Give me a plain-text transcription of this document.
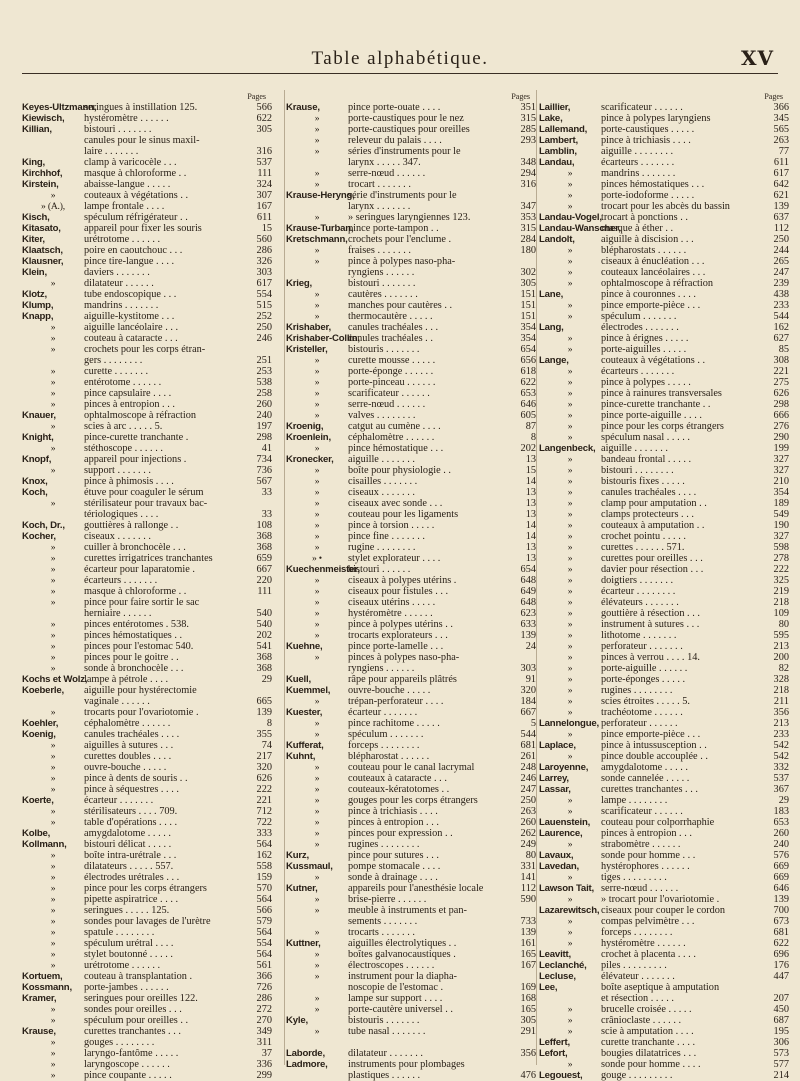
Table alphabétique.	XV
Pages
Keyes-Ultzmann,
seringues à instillation 125.	566
Kiewisch,	hystéromètre . . . . . .	622
Killian,	bistouri . . . . . . .	305
canules pour le sinus maxil-
laire . . . . . . .	316
King,	clamp à varicocèle . . .	537
Kirchhof,	masque à chloroforme . .	111
Kirstein,	abaisse-langue . . . . .	324
»	couteaux à végétations . .	307
» (A.),	lampe frontale . . . .	167
Kisch,	spéculum réfrigérateur . .	611
Kitasato,	appareil pour fixer les souris	15
Kiter,	urétrotome . . . . . .	560
Klaatsch,	poire en caoutchouc . . .	286
Klausner,	pince tire-langue . . . .	326
Klein,	daviers . . . . . . .	303
»	dilatateur . . . . . .	617
Klotz,	tube endoscopique . . .	554
Klump,	mandrins . . . . . . .	515
Knapp,	aiguille-kystitome . . .	252
»	aiguille lancéolaire . . .	250
»	couteau à cataracte . . .	246
»	crochets pour les corps étran-
gers . . . . . . . .	251
»	curette . . . . . . .	253
»	entérotome . . . . . .	538
»	pince capsulaire . . . .	258
»	pinces à entropion . . .	260
Knauer,	ophtalmoscope à réfraction	240
»	scies à arc . . . . . 5.	197
Knight,	pince-curette tranchante .	298
»	stéthoscope . . . . . .	41
Knopf,	appareil pour injections .	734
»	support . . . . . . .	736
Knox,	pince à phimosis . . . .	567
Koch,	étuve pour coaguler le sérum	33
»	stérilisateur pour travaux bac-
tériologiques . . . .	33
Koch, Dr.,	gouttières à rallonge . .	108
Kocher,	ciseaux . . . . . . .	368
»	cuiller à bronchocèle . . .	368
»	curettes irrigatrices tranchantes	659
»	écarteur pour laparatomie .	667
»	écarteurs . . . . . . .	220
»	masque à chloroforme . .	111
»	pince pour faire sortir le sac
herniaire . . . . . .	540
»	pinces entérotomes . 538.	540
»	pinces hémostatiques . .	202
»	pinces pour l'estomac 540.	541
»	pinces pour le goitre . .	368
»	sonde à bronchocèle . . .	368
Kochs et Wolz,
lampe à pétrole . . . .	29
Koeberle,	aiguille pour hystérectomie
vaginale . . . . . .	665
»	trocarts pour l'ovariotomie .	139
Koehler,	céphalomètre . . . . . .	8
Koenig,	canules trachéales . . . .	355
»	aiguilles à sutures . . .	74
»	curettes doubles . . . .	217
»	ouvre-bouche . . . . .	320
»	pince à dents de souris . .	626
»	pince à séquestres . . . .	222
Koerte,	écarteur . . . . . . .	221
»	stérilisateurs . . . . 709.	712
»	table d'opérations . . . .	722
Kolbe,	amygdalotome . . . . .	333
Kollmann,	bistouri délicat . . . . .	564
»	boîte intra-urétrale . . .	162
»	dilatateurs . . . . . 557.	558
»	électrodes urétrales . . .	159
»	pince pour les corps étrangers	570
»	pipette aspiratrice . . . .	564
»	seringues . . . . . 125.	566
»	sondes pour lavages de l'urètre	579
»	spatule . . . . . . . .	564
»	spéculum urétral . . . .	554
»	stylet boutonné . . . . .	564
»	urétrotome . . . . . .	561
Kortuem,	couteau à transplantation .	366
Kossmann,	porte-jambes . . . . . .	726
Kramer,	seringues pour oreilles 122.	286
»	sondes pour oreilles . . .	272
»	spéculum pour oreilles . .	270
Krause,	curettes tranchantes . . .	349
»	gouges . . . . . . . .	311
»	laryngo-fantôme . . . . .	37
»	laryngoscope . . . . . .	336
»	pince coupante . . . . .	299
Pages
Krause,	pince porte-ouate . . . .	351
»	porte-caustiques pour le nez	315
»	porte-caustiques pour oreilles	285
»	releveur du palais . . . .	293
»	séries d'instruments pour le
larynx . . . . . 347.	348
»	serre-nœud . . . . . .	294
»	trocart . . . . . . .	316
Krause-Heryng,
série d'instruments pour le
larynx . . . . . . .	347
»	» seringues laryngiennes 123.	353
Krause-Turban,
pince porte-tampon . .	315
Kretschmann, crochets pour l'enclume .	284
»	fraises . . . . . . .	180
»	pince à polypes naso-pha-
ryngiens . . . . . .	302
Krieg,	bistouri . . . . . . .	305
»	cautères . . . . . . .	151
»	manches pour cautères . .	151
»	thermocautère . . . . .	151
Krishaber,	canules trachéales . . .	354
Krishaber-Collin,
canules trachéales . .	354
Kristeller,	bistouris . . . . . . .	654
»	curette mousse . . . . .	656
»	porte-éponge . . . . . .	618
»	porte-pinceau . . . . . .	622
»	scarificateur . . . . . .	653
»	serre-nœud . . . . . .	646
»	valves . . . . . . . .	605
Kroenig,	catgut au cumène . . . .	87
Kroenlein,	céphalomètre . . . . . .	8
»	pince hémostatique . . .	202
Kronecker,	aiguille . . . . . . .	13
»	boîte pour physiologie . .	15
»	cisailles . . . . . . .	14
»	ciseaux . . . . . . .	13
»	ciseaux avec sonde . . .	13
»	couteau pour les ligaments	13
»	pince à torsion . . . . .	14
»	pince fine . . . . . . .	14
»	rugine . . . . . . . .	13
» •	stylet explorateur . . . .	13
Kuechenmeister,
bistouri . . . . . .	654
»	ciseaux à polypes utérins .	648
»	ciseaux pour fistules . . .	649
»	ciseaux utérins . . . . .	648
»	hystéromètre . . . . . .	623
»	pince à polypes utérins . .	633
»	trocarts explorateurs . . .	139
Kuehne,	pince porte-lamelle . . .	24
»	pinces à polypes naso-pha-
ryngiens . . . . . .	303
Kuell,	râpe pour appareils plâtrés	91
Kuemmel,	ouvre-bouche . . . . .	320
»	trépan-perforateur . . . .	184
Kuester,	écarteur . . . . . . .	667
»	pince rachitome . . . . .	5
»	spéculum . . . . . . .	544
Kufferat,	forceps . . . . . . . .	681
Kuhnt,	blépharostat . . . . . .	261
»	couteau pour le canal lacrymal	248
»	couteaux à cataracte . . .	246
»	couteaux-kératotomes . .	247
»	gouges pour les corps étrangers	250
»	pince à trichiasis . . . .	263
»	pinces à entropion . . .	260
»	pinces pour expression . .	262
»	rugines . . . . . . . .	249
Kurz,	pince pour sutures . . .	80
Kussmaul,	pompe stomacale . . . .	331
»	sonde à drainage . . . .	141
Kutner,	appareils pour l'anesthésie locale	112
»	brise-pierre . . . . . .	590
»	meuble à instruments et pan-
sements . . . . . . .	733
»	trocarts . . . . . . .	139
Kuttner,	aiguilles électrolytiques . .	161
»	boîtes galvanocaustiques .	165
»	électroscopes . . . . . .	167
»	instrument pour la diapha-
noscopie de l'estomac .	169
»	lampe sur support . . . .	168
»	porte-cautère universel . .	165
Kyle,	bistouris . . . . . . .	305
»	tube nasal . . . . . . .	291
Laborde,	dilatateur . . . . . . .	356
Ladmore,	instruments pour plombages
plastiques . . . . . .	476
Pages
Laillier,	scarificateur . . . . . .	366
Lake,	pince à polypes laryngiens	345
Lallemand,	porte-caustiques . . . . .	565
Lambert,	pince à trichiasis . . . .	263
Lamblin,	aiguille . . . . . . . .	77
Landau,	écarteurs . . . . . . .	611
»	mandrins . . . . . . .	617
»	pinces hémostatiques . . .	642
»	porte-iodoforme . . . . .	621
»	trocart pour les abcès du bassin	139
Landau-Vogel, trocart à ponctions . .	637
Landau-Wanscher,
masque à éther . .	112
Landolt,	aiguille à discision . . .	250
»	blépharostats . . . . . .	244
»	ciseaux à énucléation . . .	265
»	couteaux lancéolaires . . .	247
»	ophtalmoscope à réfraction	239
Lane,	pince à couronnes . . . .	438
»	pince emporte-pièce . . .	233
»	spéculum . . . . . . .	544
Lang,	électrodes . . . . . . .	162
»	pince à érignes . . . . .	627
»	porte-aiguilles . . . . .	85
Lange,	couteaux à végétations . .	308
»	écarteurs . . . . . . .	221
»	pince à polypes . . . . .	275
»	pince à rainures transversales	626
»	pince-curette tranchante . .	298
»	pince porte-aiguille . . . .	666
»	pince pour les corps étrangers	276
»	spéculum nasal . . . . .	290
Langenbeck, aiguille . . . . . . .	199
»	bandeau frontal . . . . .	327
»	bistouri . . . . . . . .	327
»	bistouris fixes . . . . .	210
»	canules trachéales . . . .	354
»	clamp pour amputation . .	189
»	clamps protecteurs . . .	549
»	couteaux à amputation . .	190
»	crochet pointu . . . . .	327
»	curettes . . . . . . 571.	598
»	curettes pour oreilles . . .	278
»	davier pour résection . . .	222
»	doigtiers . . . . . . .	325
»	écarteur . . . . . . . .	219
»	élévateurs . . . . . . .	218
»	gouttière à résection . . .	109
»	instrument à sutures . . .	80
»	lithotome . . . . . . .	595
»	perforateur . . . . . . .	213
»	pinces à verrou . . . . 14.	200
»	porte-aiguille . . . . . .	82
»	porte-éponges . . . . .	328
»	rugines . . . . . . . .	218
»	scies étroites . . . . . 5.	211
»	trachéotome . . . . . .	356
Lannelongue, perforateur . . . . . .	213
»	pince emporte-pièce . . .	233
Laplace,	pince à intussusception . .	542
»	pince double accouplée . .	542
Laroyenne,	amygdalotome . . . . .	332
Larrey,	sonde cannelée . . . . .	537
Lassar,	curettes tranchantes . . .	367
»	lampe . . . . . . . .	29
»	scarificateur . . . . . .	183
Lauenstein,	couteau pour colporrhaphie	653
Laurence,	pinces à entropion . . .	260
»	strabomètre . . . . . .	240
Lavaux,	sonde pour homme . . .	576
Lavedan,	hystérophores . . . . . .	669
»	tiges . . . . . . . . .	669
Lawson Tait, serre-nœud . . . . . .	646
»	» trocart pour l'ovariotomie .	139
Lazarewitsch, ciseaux pour couper le cordon	700
»	compas pelvimètre . . .	673
»	forceps . . . . . . . .	681
»	hystéromètre . . . . . .	622
Leavitt,	crochet à placenta . . . .	696
Leclanché,	piles . . . . . . . . .	176
Lecluse,	élévateur . . . . . . .	447
Lee,	boîte aseptique à amputation
et résection . . . . .	207
»	brucelle croisée . . . . .	450
»	crânioclaste . . . . . .	687
»	scie à amputation . . . .	195
Leffert,	curette tranchante . . . .	306
Lefort,	bougies dilatatrices . . .	573
»	sonde pour homme . . . .	577
Legouest,	gouge . . . . . . . . .	214
